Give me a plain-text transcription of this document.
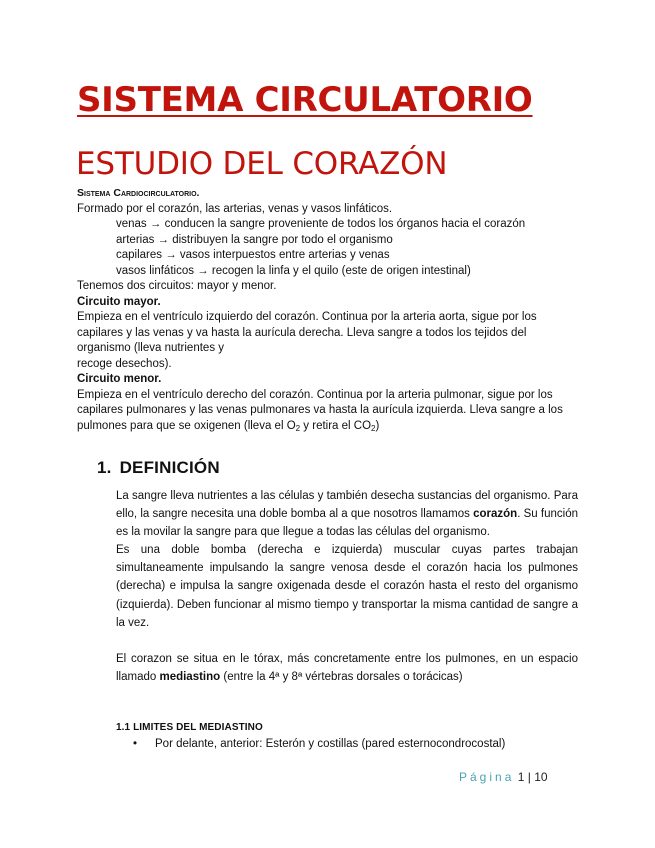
SISTEMA CIRCULATORIO
ESTUDIO DEL CORAZÓN

Sistema Cardiocirculatorio.

Formado por el corazón, las arterias, venas y vasos linfáticos.

venas → conducen la sangre proveniente de todos los órganos hacia el corazón

arterias → distribuyen la sangre por todo el organismo

capilares → vasos interpuestos entre arterias y venas

vasos linfáticos → recogen la linfa y el quilo (este de origen intestinal)

Tenemos dos circuitos: mayor y menor.

Circuito mayor.

Empieza en el ventrículo izquierdo del corazón. Continua por la arteria aorta, sigue por los

capilares y las venas y va hasta la aurícula derecha. Lleva sangre a todos los tejidos del

organismo (lleva nutrientes y

recoge desechos).

Circuito menor.

Empieza en el ventrículo derecho del corazón. Continua por la arteria pulmonar, sigue por los

capilares pulmonares y las venas pulmonares va hasta la aurícula izquierda. Lleva sangre a los

pulmones para que se oxigenen (lleva el $O_2$ y retira el $CO_2$)

1. DEFINICIÓN

La sangre lleva nutrientes a las células y también desecha sustancias del organismo. Para ello, la sangre necesita una doble bomba al a que nosotros llamamos corazón. Su función es la movilar la sangre para que llegue a todas las células del organismo.

Es una doble bomba (derecha e izquierda) muscular cuyas partes trabajan simultaneamente impulsando la sangre venosa desde el corazón hacia los pulmones (derecha) e impulsa la sangre oxigenada desde el corazón hasta el resto del organismo (izquierda). Deben funcionar al mismo tiempo y transportar la misma cantidad de sangre a la vez.

El corazon se situa en le tórax, más concretamente entre los pulmones, en un espacio llamado mediastino (entre la 4ª y 8ª vértebras dorsales o torácicas)

1.1 LIMITES DEL MEDIASTINO
• Por delante, anterior: Esterón y costillas (pared esternocondrocostal)
Página 1 | 10
